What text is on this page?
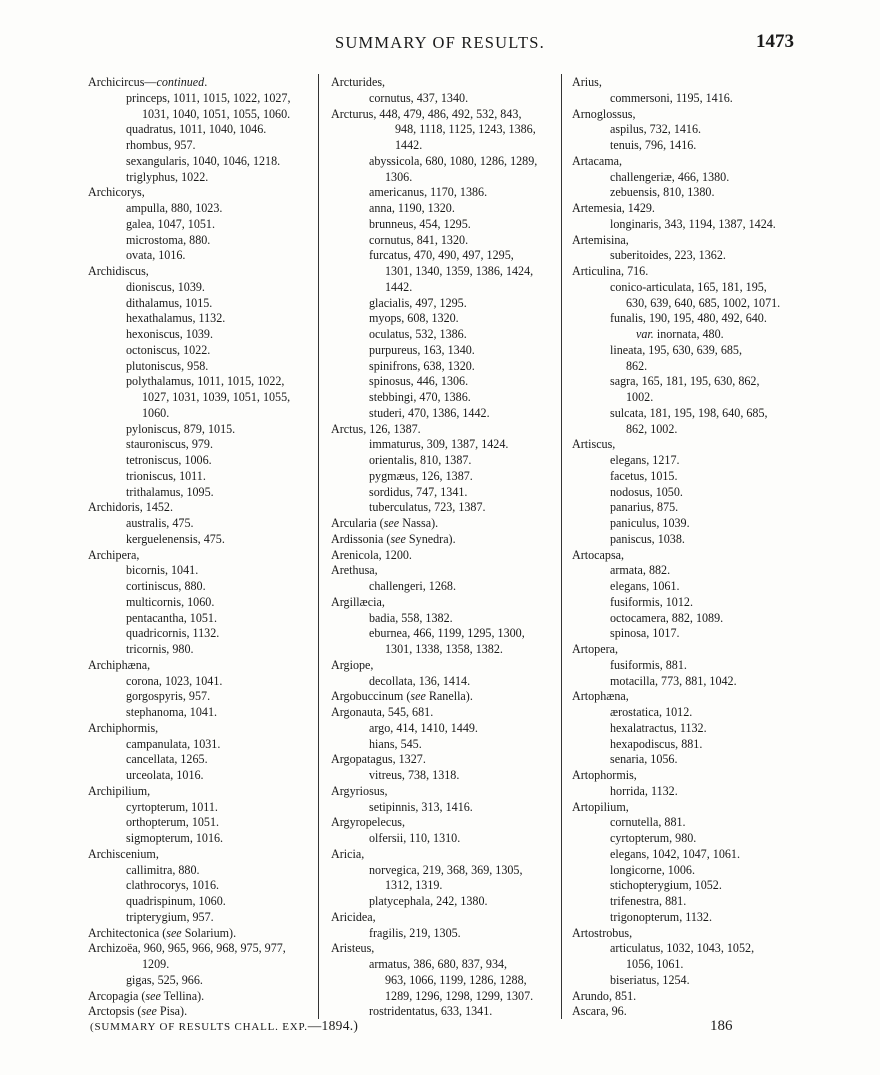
SUMMARY OF RESULTS.	1473
Archicircus—continued.
princeps, 1011, 1015, 1022, 1027,
1031, 1040, 1051, 1055, 1060.
quadratus, 1011, 1040, 1046.
rhombus, 957.
sexangularis, 1040, 1046, 1218.
triglyphus, 1022.
Archicorys,
ampulla, 880, 1023.
galea, 1047, 1051.
microstoma, 880.
ovata, 1016.
Archidiscus,
dioniscus, 1039.
dithalamus, 1015.
hexathalamus, 1132.
hexoniscus, 1039.
octoniscus, 1022.
plutoniscus, 958.
polythalamus, 1011, 1015, 1022,
1027, 1031, 1039, 1051, 1055,
1060.
pyloniscus, 879, 1015.
stauroniscus, 979.
tetroniscus, 1006.
trioniscus, 1011.
trithalamus, 1095.
Archidoris, 1452.
australis, 475.
kerguelenensis, 475.
Archipera,
bicornis, 1041.
cortiniscus, 880.
multicornis, 1060.
pentacantha, 1051.
quadricornis, 1132.
tricornis, 980.
Archiphæna,
corona, 1023, 1041.
gorgospyris, 957.
stephanoma, 1041.
Archiphormis,
campanulata, 1031.
cancellata, 1265.
urceolata, 1016.
Archipilium,
cyrtopterum, 1011.
orthopterum, 1051.
sigmopterum, 1016.
Archiscenium,
callimitra, 880.
clathrocorys, 1016.
quadrispinum, 1060.
tripterygium, 957.
Architectonica (see Solarium).
Archizoëa, 960, 965, 966, 968, 975, 977,
1209.
gigas, 525, 966.
Arcopagia (see Tellina).
Arctopsis (see Pisa).
Arcturides,
cornutus, 437, 1340.
Arcturus, 448, 479, 486, 492, 532, 843,
948, 1118, 1125, 1243, 1386,
1442.
abyssicola, 680, 1080, 1286, 1289,
1306.
americanus, 1170, 1386.
anna, 1190, 1320.
brunneus, 454, 1295.
cornutus, 841, 1320.
furcatus, 470, 490, 497, 1295,
1301, 1340, 1359, 1386, 1424,
1442.
glacialis, 497, 1295.
myops, 608, 1320.
oculatus, 532, 1386.
purpureus, 163, 1340.
spinifrons, 638, 1320.
spinosus, 446, 1306.
stebbingi, 470, 1386.
studeri, 470, 1386, 1442.
Arctus, 126, 1387.
immaturus, 309, 1387, 1424.
orientalis, 810, 1387.
pygmæus, 126, 1387.
sordidus, 747, 1341.
tuberculatus, 723, 1387.
Arcularia (see Nassa).
Ardissonia (see Synedra).
Arenicola, 1200.
Arethusa,
challengeri, 1268.
Argillæcia,
badia, 558, 1382.
eburnea, 466, 1199, 1295, 1300,
1301, 1338, 1358, 1382.
Argiope,
decollata, 136, 1414.
Argobuccinum (see Ranella).
Argonauta, 545, 681.
argo, 414, 1410, 1449.
hians, 545.
Argopatagus, 1327.
vitreus, 738, 1318.
Argyriosus,
setipinnis, 313, 1416.
Argyropelecus,
olfersii, 110, 1310.
Aricia,
norvegica, 219, 368, 369, 1305,
1312, 1319.
platycephala, 242, 1380.
Aricidea,
fragilis, 219, 1305.
Aristeus,
armatus, 386, 680, 837, 934,
963, 1066, 1199, 1286, 1288,
1289, 1296, 1298, 1299, 1307.
rostridentatus, 633, 1341.
Arius,
commersoni, 1195, 1416.
Arnoglossus,
aspilus, 732, 1416.
tenuis, 796, 1416.
Artacama,
challengeriæ, 466, 1380.
zebuensis, 810, 1380.
Artemesia, 1429.
longinaris, 343, 1194, 1387, 1424.
Artemisina,
suberitoides, 223, 1362.
Articulina, 716.
conico-articulata, 165, 181, 195,
630, 639, 640, 685, 1002, 1071.
funalis, 190, 195, 480, 492, 640.
var. inornata, 480.
lineata, 195, 630, 639, 685,
862.
sagra, 165, 181, 195, 630, 862,
1002.
sulcata, 181, 195, 198, 640, 685,
862, 1002.
Artiscus,
elegans, 1217.
facetus, 1015.
nodosus, 1050.
panarius, 875.
paniculus, 1039.
paniscus, 1038.
Artocapsa,
armata, 882.
elegans, 1061.
fusiformis, 1012.
octocamera, 882, 1089.
spinosa, 1017.
Artopera,
fusiformis, 881.
motacilla, 773, 881, 1042.
Artophæna,
ærostatica, 1012.
hexalatractus, 1132.
hexapodiscus, 881.
senaria, 1056.
Artophormis,
horrida, 1132.
Artopilium,
cornutella, 881.
cyrtopterum, 980.
elegans, 1042, 1047, 1061.
longicorne, 1006.
stichopterygium, 1052.
trifenestra, 881.
trigonopterum, 1132.
Artostrobus,
articulatus, 1032, 1043, 1052,
1056, 1061.
biseriatus, 1254.
Arundo, 851.
Ascara, 96.
(SUMMARY OF RESULTS CHALL. EXP.—1894.)	186
